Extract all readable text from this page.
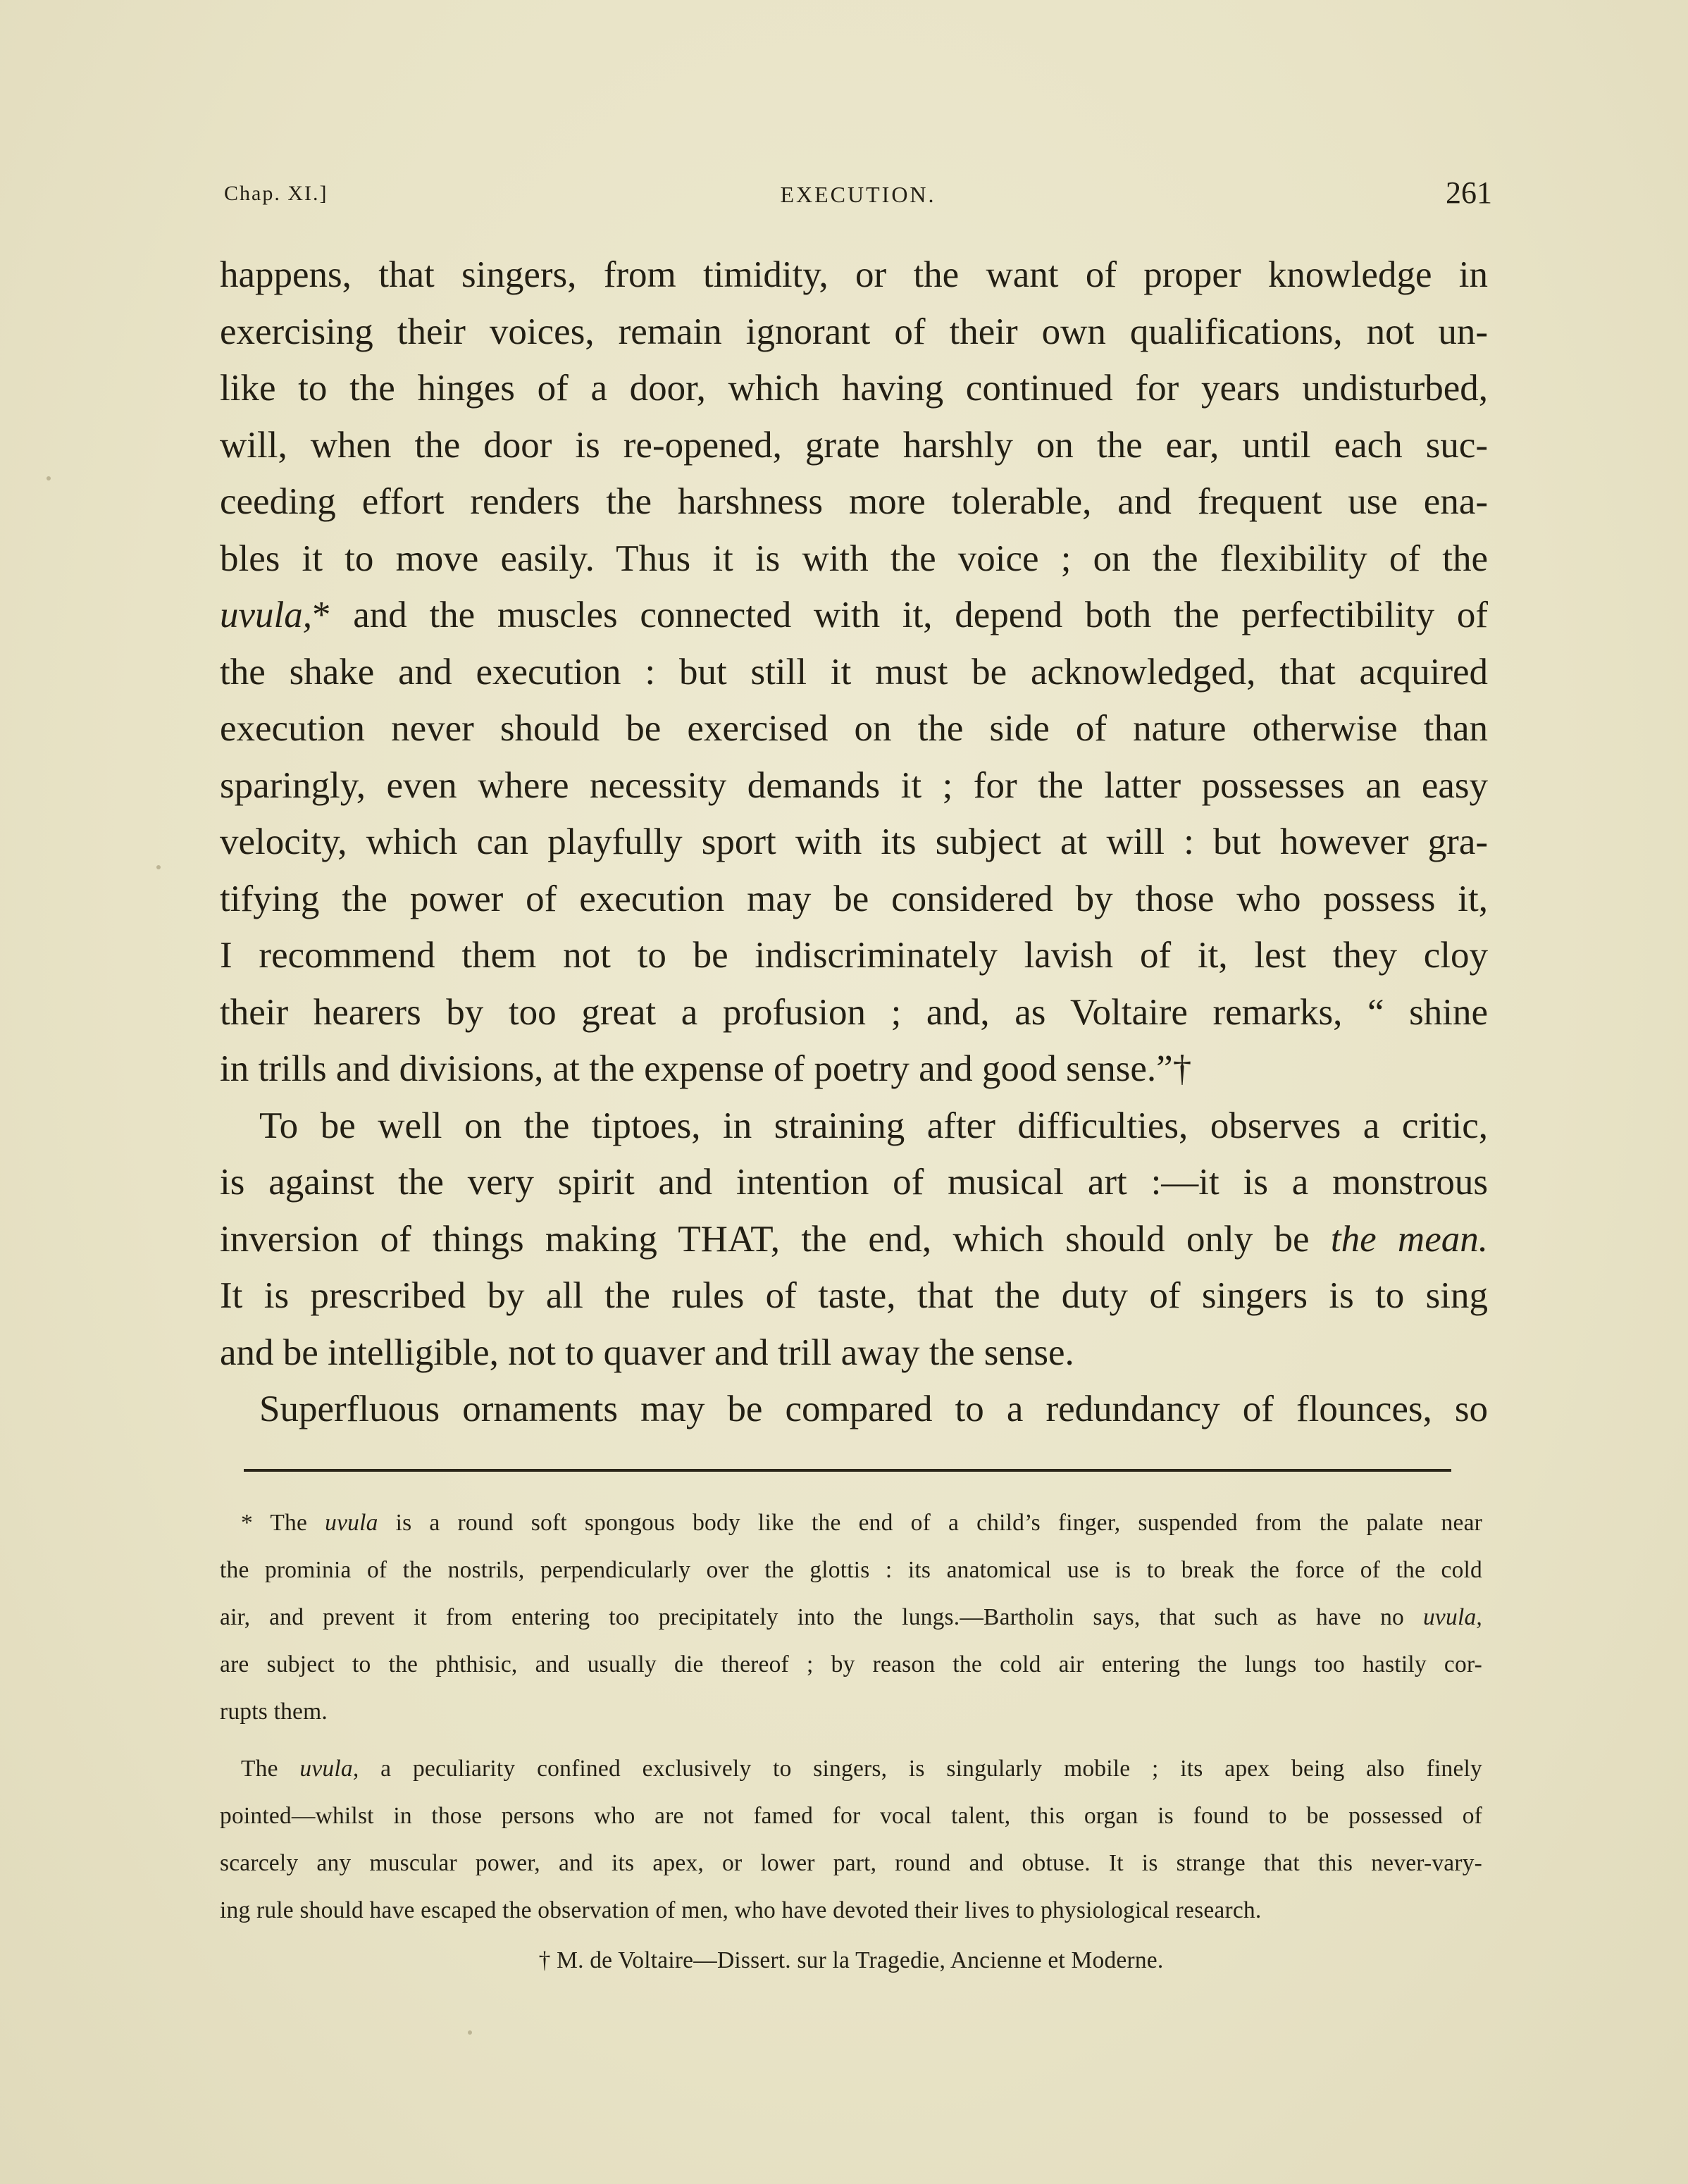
Chap. XI.]	EXECUTION.	261
happens, that singers, from timidity, or the want of proper knowledge in
exercising their voices, remain ignorant of their own qualifications, not un-
like to the hinges of a door, which having continued for years undisturbed,
will, when the door is re-opened, grate harshly on the ear, until each suc-
ceeding effort renders the harshness more tolerable, and frequent use ena-
bles it to move easily. Thus it is with the voice ; on the flexibility of the
uvula,* and the muscles connected with it, depend both the perfectibility of
the shake and execution : but still it must be acknowledged, that acquired
execution never should be exercised on the side of nature otherwise than
sparingly, even where necessity demands it ; for the latter possesses an easy
velocity, which can playfully sport with its subject at will : but however gra-
tifying the power of execution may be considered by those who possess it,
I recommend them not to be indiscriminately lavish of it, lest they cloy
their hearers by too great a profusion ; and, as Voltaire remarks, “ shine
in trills and divisions, at the expense of poetry and good sense.”†
To be well on the tiptoes, in straining after difficulties, observes a critic,
is against the very spirit and intention of musical art :—it is a monstrous
inversion of things making THAT, the end, which should only be the mean.
It is prescribed by all the rules of taste, that the duty of singers is to sing
and be intelligible, not to quaver and trill away the sense.
Superfluous ornaments may be compared to a redundancy of flounces, so
* The uvula is a round soft spongous body like the end of a child’s finger, suspended from the palate near
the prominia of the nostrils, perpendicularly over the glottis : its anatomical use is to break the force of the cold
air, and prevent it from entering too precipitately into the lungs.—Bartholin says, that such as have no uvula,
are subject to the phthisic, and usually die thereof ; by reason the cold air entering the lungs too hastily cor-
rupts them.
The uvula, a peculiarity confined exclusively to singers, is singularly mobile ; its apex being also finely
pointed—whilst in those persons who are not famed for vocal talent, this organ is found to be possessed of
scarcely any muscular power, and its apex, or lower part, round and obtuse. It is strange that this never-vary-
ing rule should have escaped the observation of men, who have devoted their lives to physiological research.
† M. de Voltaire—Dissert. sur la Tragedie, Ancienne et Moderne.
